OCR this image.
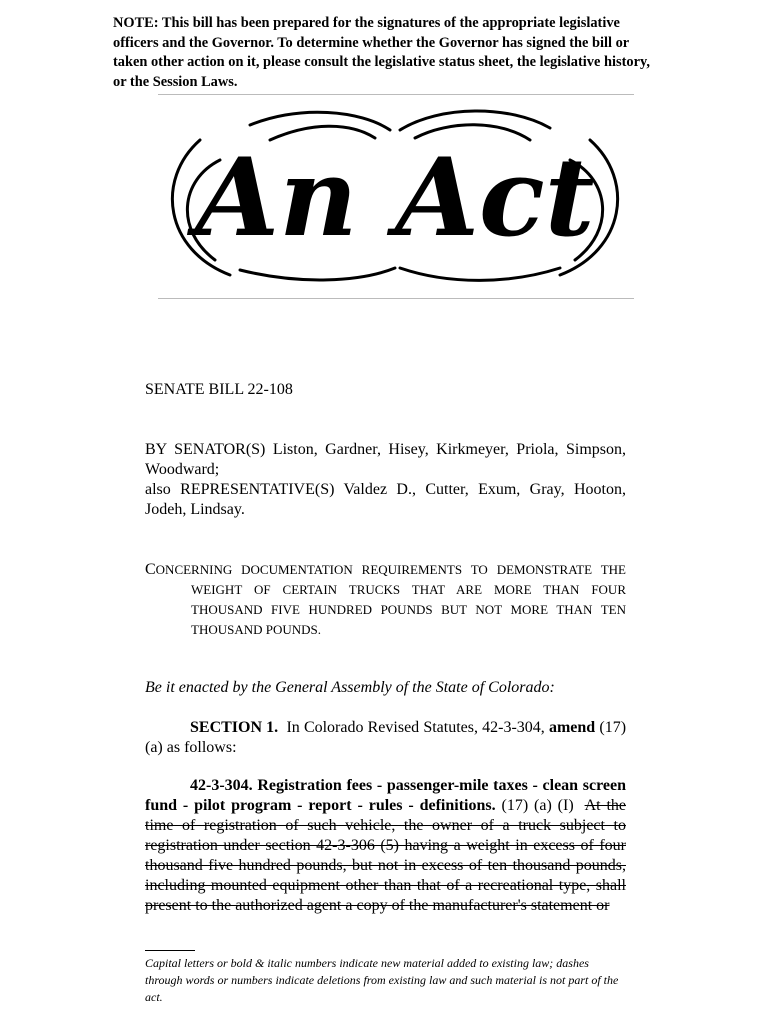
NOTE: This bill has been prepared for the signatures of the appropriate legislative officers and the Governor. To determine whether the Governor has signed the bill or taken other action on it, please consult the legislative status sheet, the legislative history, or the Session Laws.
An Act
SENATE BILL 22-108

BY SENATOR(S) Liston, Gardner, Hisey, Kirkmeyer, Priola, Simpson, Woodward;

also REPRESENTATIVE(S) Valdez D., Cutter, Exum, Gray, Hooton, Jodeh, Lindsay.

CONCERNING DOCUMENTATION REQUIREMENTS TO DEMONSTRATE THE WEIGHT OF CERTAIN TRUCKS THAT ARE MORE THAN FOUR THOUSAND FIVE HUNDRED POUNDS BUT NOT MORE THAN TEN THOUSAND POUNDS.
Be it enacted by the General Assembly of the State of Colorado:
SECTION 1. In Colorado Revised Statutes, 42-3-304, amend (17)(a) as follows:
42-3-304. Registration fees - passenger-mile taxes - clean screen fund - pilot program - report - rules - definitions. (17) (a) (I) At the time of registration of such vehicle, the owner of a truck subject to registration under section 42-3-306 (5) having a weight in excess of four thousand five hundred pounds, but not in excess of ten thousand pounds, including mounted equipment other than that of a recreational type, shall present to the authorized agent a copy of the manufacturer's statement or
Capital letters or bold & italic numbers indicate new material added to existing law; dashes through words or numbers indicate deletions from existing law and such material is not part of the act.
